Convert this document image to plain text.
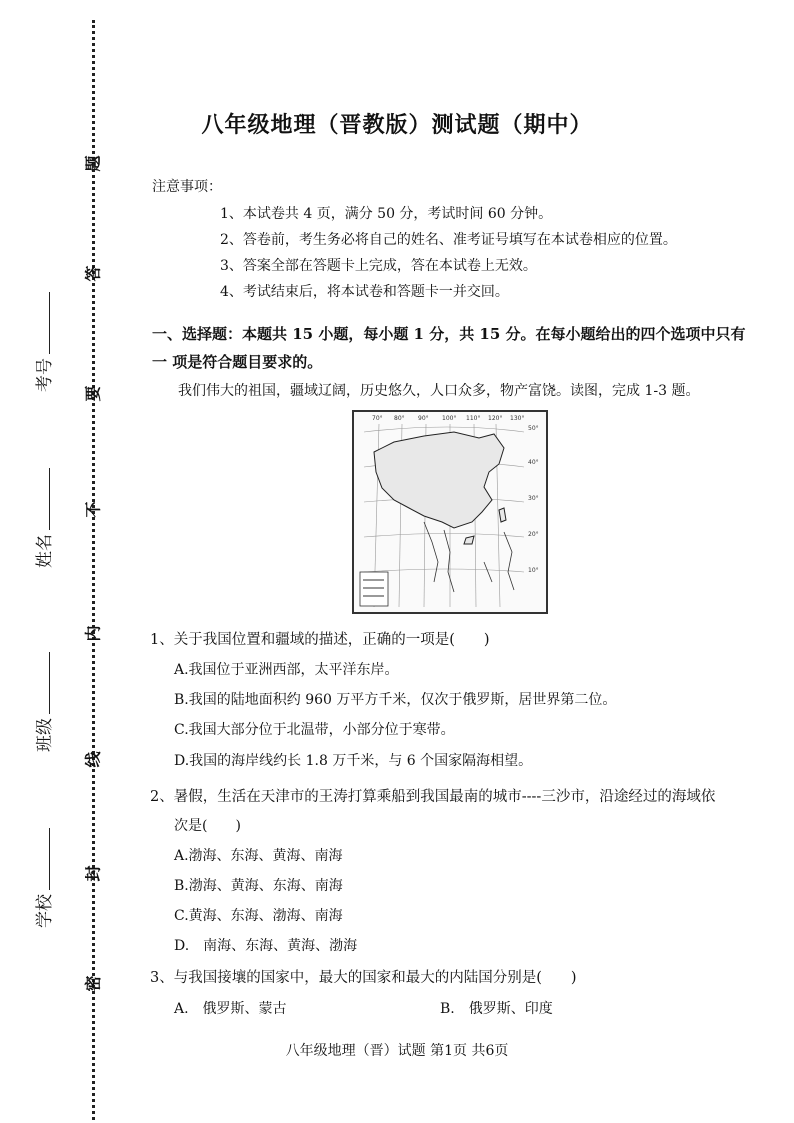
题
答
要
不
内
线
封
密
考号
姓名
班级
学校
八年级地理（晋教版）测试题（期中）
注意事项：
1、本试卷共 4 页，满分 50 分，考试时间 60 分钟。
2、答卷前，考生务必将自己的姓名、准考证号填写在本试卷相应的位置。
3、答案全部在答题卡上完成，答在本试卷上无效。
4、考试结束后，将本试卷和答题卡一并交回。
一、选择题：本题共 15 小题，每小题 1 分，共 15 分。在每小题给出的四个选项中只有一 项是符合题目要求的。
我们伟大的祖国，疆域辽阔，历史悠久，人口众多，物产富饶。读图，完成 1-3 题。
70° 80° 90° 100° 110° 120° 130°
50°
40°
30°
20°
10°
1、关于我国位置和疆域的描述，正确的一项是(　　)
A.我国位于亚洲西部，太平洋东岸。
B.我国的陆地面积约 960 万平方千米，仅次于俄罗斯，居世界第二位。
C.我国大部分位于北温带，小部分位于寒带。
D.我国的海岸线约长 1.8 万千米，与 6 个国家隔海相望。
2、暑假，生活在天津市的王涛打算乘船到我国最南的城市----三沙市，沿途经过的海域依
次是(　　)
A.渤海、东海、黄海、南海
B.渤海、黄海、东海、南海
C.黄海、东海、渤海、南海
D.　南海、东海、黄海、渤海
3、与我国接壤的国家中，最大的国家和最大的内陆国分别是(　　)
A.　俄罗斯、蒙古	B.　俄罗斯、印度
八年级地理（晋）试题 第1页 共6页
